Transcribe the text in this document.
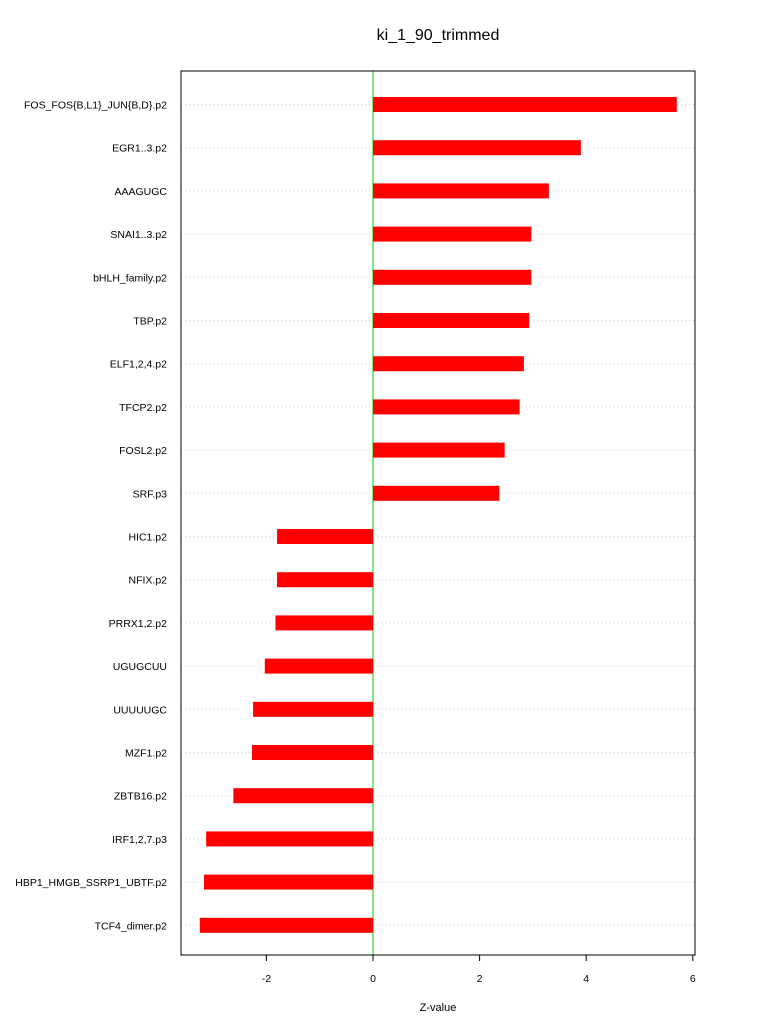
ki_1_90_trimmed
FOS_FOS{B,L1}_JUN{B,D}.p2
EGR1..3.p2
AAAGUGC
SNAI1..3.p2
bHLH_family.p2
TBP.p2
ELF1,2,4.p2
TFCP2.p2
FOSL2.p2
SRF.p3
HIC1.p2
NFIX.p2
PRRX1,2.p2
UGUGCUU
UUUUUGC
MZF1.p2
ZBTB16.p2
IRF1,2,7.p3
HBP1_HMGB_SSRP1_UBTF.p2
TCF4_dimer.p2
-2	0	2	4	6
Z-value
